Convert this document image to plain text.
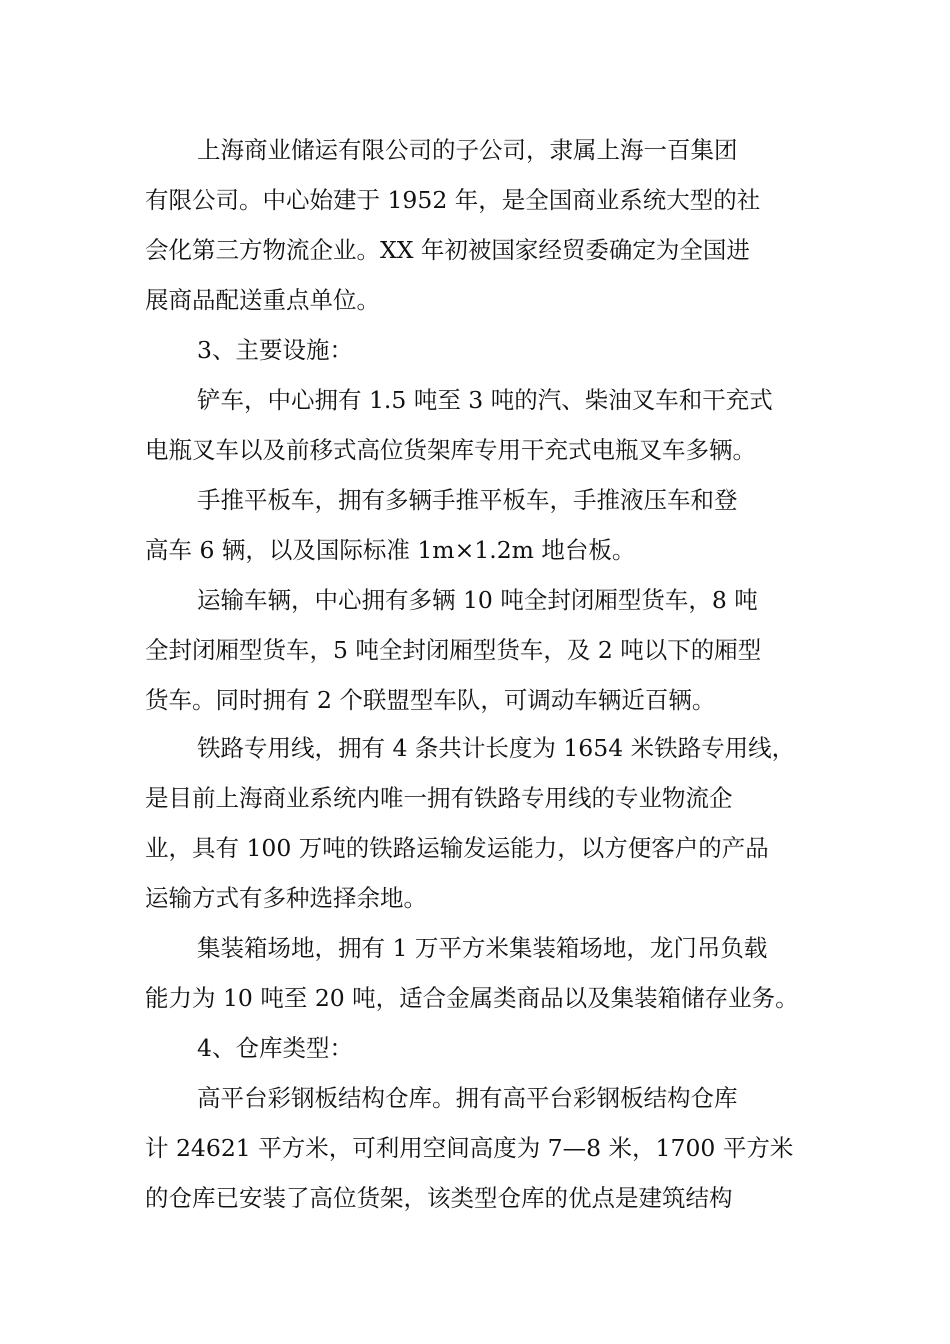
上海商业储运有限公司的子公司，隶属上海一百集团
有限公司。中心始建于 1952 年，是全国商业系统大型的社
会化第三方物流企业。XX 年初被国家经贸委确定为全国进
展商品配送重点单位。
3、主要设施：
铲车，中心拥有 1.5 吨至 3 吨的汽、柴油叉车和干充式
电瓶叉车以及前移式高位货架库专用干充式电瓶叉车多辆。
手推平板车，拥有多辆手推平板车，手推液压车和登
高车 6 辆，以及国际标准 1m×1.2m 地台板。
运输车辆，中心拥有多辆 10 吨全封闭厢型货车，8 吨
全封闭厢型货车，5 吨全封闭厢型货车，及 2 吨以下的厢型
货车。同时拥有 2 个联盟型车队，可调动车辆近百辆。
铁路专用线，拥有 4 条共计长度为 1654 米铁路专用线，
是目前上海商业系统内唯一拥有铁路专用线的专业物流企
业，具有 100 万吨的铁路运输发运能力，以方便客户的产品
运输方式有多种选择余地。
集装箱场地，拥有 1 万平方米集装箱场地，龙门吊负载
能力为 10 吨至 20 吨，适合金属类商品以及集装箱储存业务。
4、仓库类型：
高平台彩钢板结构仓库。拥有高平台彩钢板结构仓库
计 24621 平方米，可利用空间高度为 7—8 米，1700 平方米
的仓库已安装了高位货架，该类型仓库的优点是建筑结构
